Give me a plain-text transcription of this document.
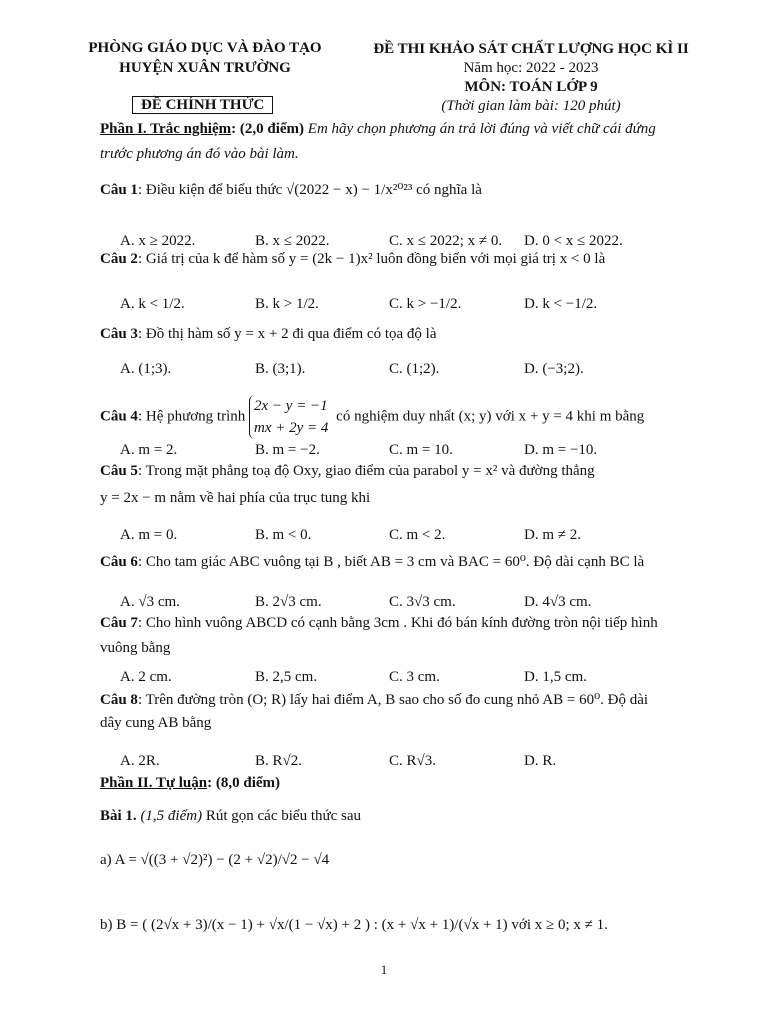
PHÒNG GIÁO DỤC VÀ ĐÀO TẠO
HUYỆN XUÂN TRƯỜNG
ĐỀ CHÍNH THỨC
ĐỀ THI KHẢO SÁT CHẤT LƯỢNG HỌC KÌ II
Năm học: 2022 - 2023
MÔN: TOÁN LỚP 9
(Thời gian làm bài: 120 phút)
Phần I. Trắc nghiệm: (2,0 điểm) Em hãy chọn phương án trả lời đúng và viết chữ cái đứng
trước phương án đó vào bài làm.
Câu 1: Điều kiện để biểu thức √(2022 − x) − 1/x²⁰²³ có nghĩa là
A. x ≥ 2022.	B. x ≤ 2022.	C. x ≤ 2022; x ≠ 0. D. 0 < x ≤ 2022.
Câu 2: Giá trị của k để hàm số y = (2k − 1)x² luôn đồng biến với mọi giá trị x < 0 là
A. k < 1/2.	B. k > 1/2.	C. k > −1/2.	D. k < −1/2.
Câu 3: Đồ thị hàm số y = x + 2 đi qua điểm có tọa độ là
A. (1;3).	B. (3;1).	C. (1;2).	D. (−3;2).
Câu 4: Hệ phương trình
2x − y = −1
mx + 2y = 4
có nghiệm duy nhất (x; y) với x + y = 4 khi m bằng
A. m = 2.	B. m = −2.	C. m = 10.	D. m = −10.
Câu 5: Trong mặt phẳng toạ độ Oxy, giao điểm của parabol y = x² và đường thẳng
y = 2x − m nằm về hai phía của trục tung khi
A. m = 0.	B. m < 0.	C. m < 2.	D. m ≠ 2.
Câu 6: Cho tam giác ABC vuông tại B , biết AB = 3 cm và BAC = 60⁰. Độ dài cạnh BC là
A. √3 cm.	B. 2√3 cm.	C. 3√3 cm.	D. 4√3 cm.
Câu 7: Cho hình vuông ABCD có cạnh bằng 3cm . Khi đó bán kính đường tròn nội tiếp hình
vuông bằng
A. 2 cm.	B. 2,5 cm.	C. 3 cm.	D. 1,5 cm.
Câu 8: Trên đường tròn (O; R) lấy hai điểm A, B sao cho số đo cung nhỏ AB = 60⁰. Độ dài
dây cung AB bằng
A. 2R.	B. R√2.	C. R√3.	D. R.
Phần II. Tự luận: (8,0 điểm)
Bài 1. (1,5 điểm) Rút gọn các biểu thức sau
a) A = √((3 + √2)²) − (2 + √2)/√2 − √4
b) B = ( (2√x + 3)/(x − 1) + √x/(1 − √x) + 2 ) : (x + √x + 1)/(√x + 1) với x ≥ 0; x ≠ 1.
1
